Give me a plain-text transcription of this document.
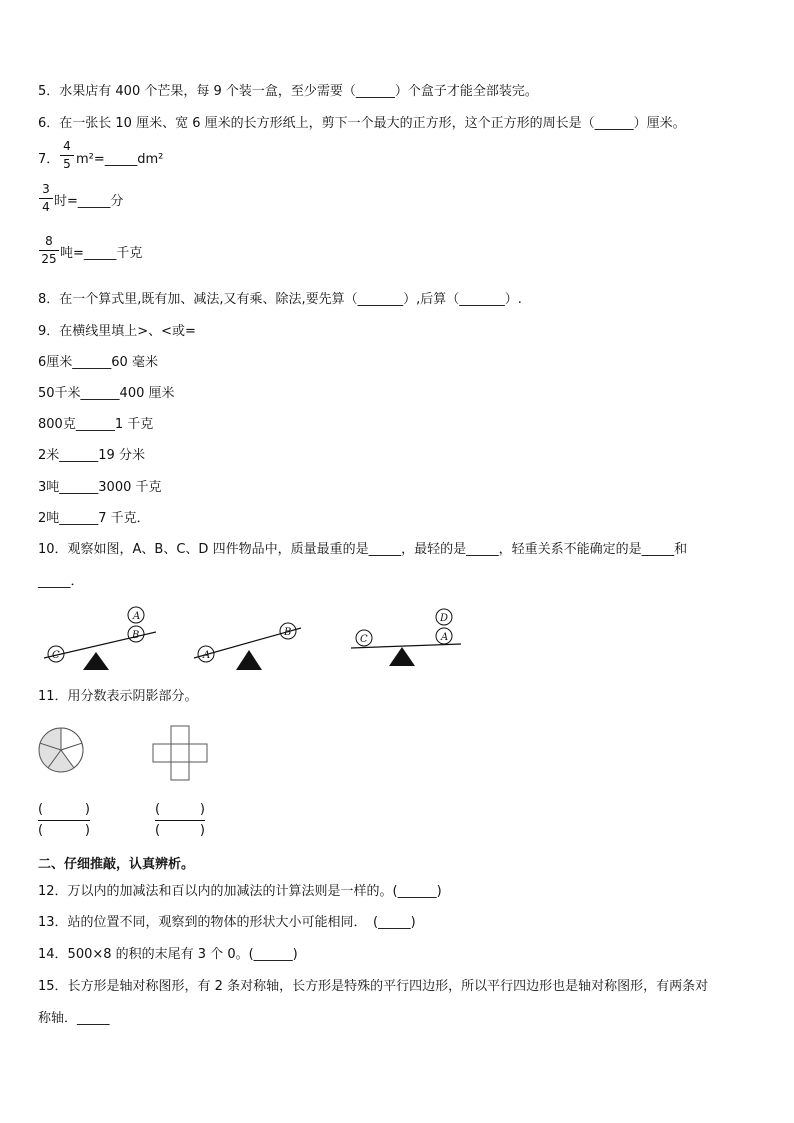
5．水果店有 400 个芒果，每 9 个装一盒，至少需要（______）个盒子才能全部装完。
6．在一张长 10 厘米、宽 6 厘米的长方形纸上，剪下一个最大的正方形，这个正方形的周长是（______）厘米。
7．
4
5 m²=_____dm²
3
4 时=_____分
8
25 吨=_____千克
8．在一个算式里,既有加、减法,又有乘、除法,要先算（_______）,后算（_______）.
9．在横线里填上>、<或=
6厘米______60 毫米
50千米______400 厘米
800克______1 千克
2米______19 分米
3吨______3000 千克
2吨______7 千克．
10．观察如图，A、B、C、D 四件物品中，质量最重的是_____，最轻的是_____，轻重关系不能确定的是_____和
_____．
C
B
A
A
B
C	A
D
11．用分数表示阴影部分。
(	)
(	)
(	)
(	)
二、仔细推敲，认真辨析。
12．万以内的加减法和百以内的加减法的计算法则是一样的。(______)
13．站的位置不同，观察到的物体的形状大小可能相同．　(_____)
14．500×8 的积的末尾有 3 个 0。(______)
15．长方形是轴对称图形，有 2 条对称轴，长方形是特殊的平行四边形，所以平行四边形也是轴对称图形，有两条对
称轴．_____
